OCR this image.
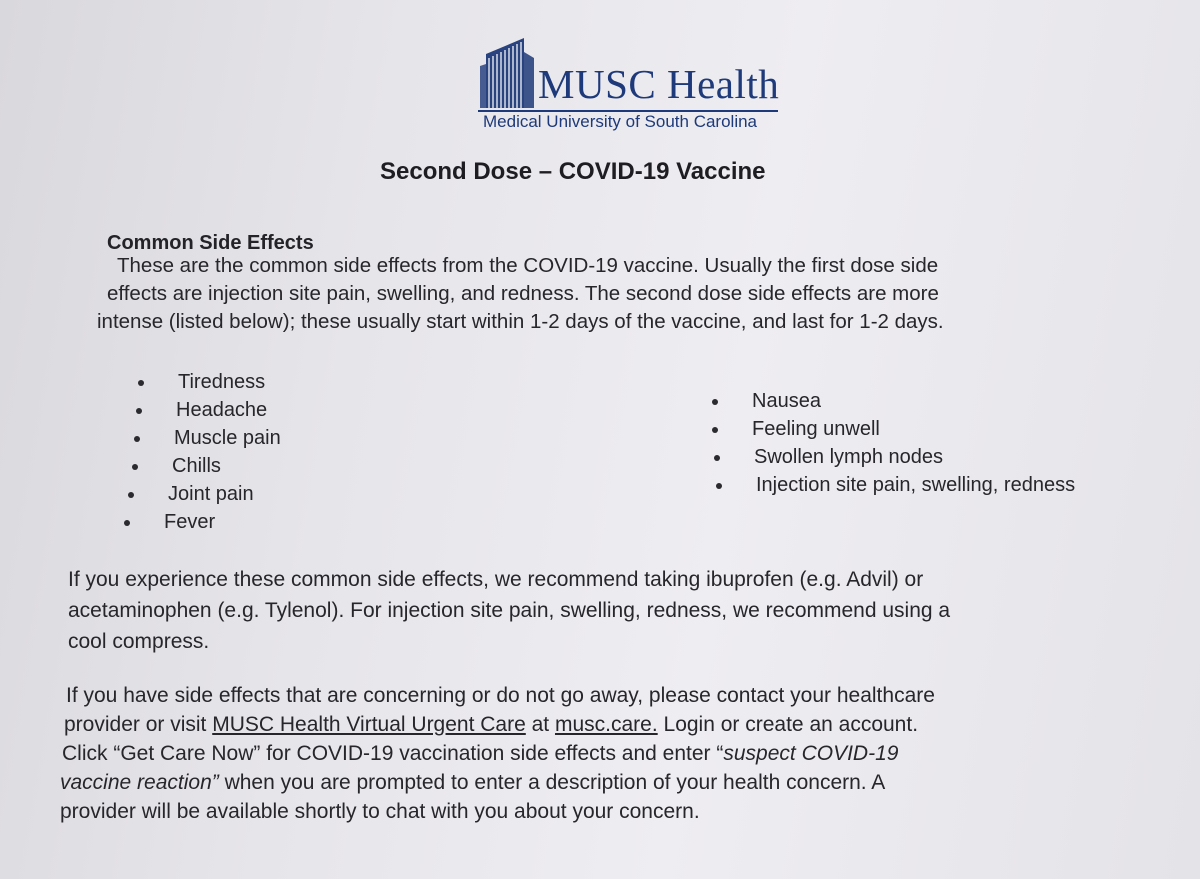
MUSC Health
Medical University of South Carolina
Second Dose – COVID-19 Vaccine
Common Side Effects
These are the common side effects from the COVID-19 vaccine. Usually the first dose side
effects are injection site pain, swelling, and redness. The second dose side effects are more
intense (listed below); these usually start within 1-2 days of the vaccine, and last for 1-2 days.
Tiredness
Headache
Muscle pain
Chills
Joint pain
Fever
Nausea
Feeling unwell
Swollen lymph nodes
Injection site pain, swelling, redness
If you experience these common side effects, we recommend taking ibuprofen (e.g. Advil) or
acetaminophen (e.g. Tylenol). For injection site pain, swelling, redness, we recommend using a
cool compress.
If you have side effects that are concerning or do not go away, please contact your healthcare
provider or visit MUSC Health Virtual Urgent Care at musc.care. Login or create an account.
Click “Get Care Now” for COVID-19 vaccination side effects and enter “suspect COVID-19
vaccine reaction” when you are prompted to enter a description of your health concern. A
provider will be available shortly to chat with you about your concern.
